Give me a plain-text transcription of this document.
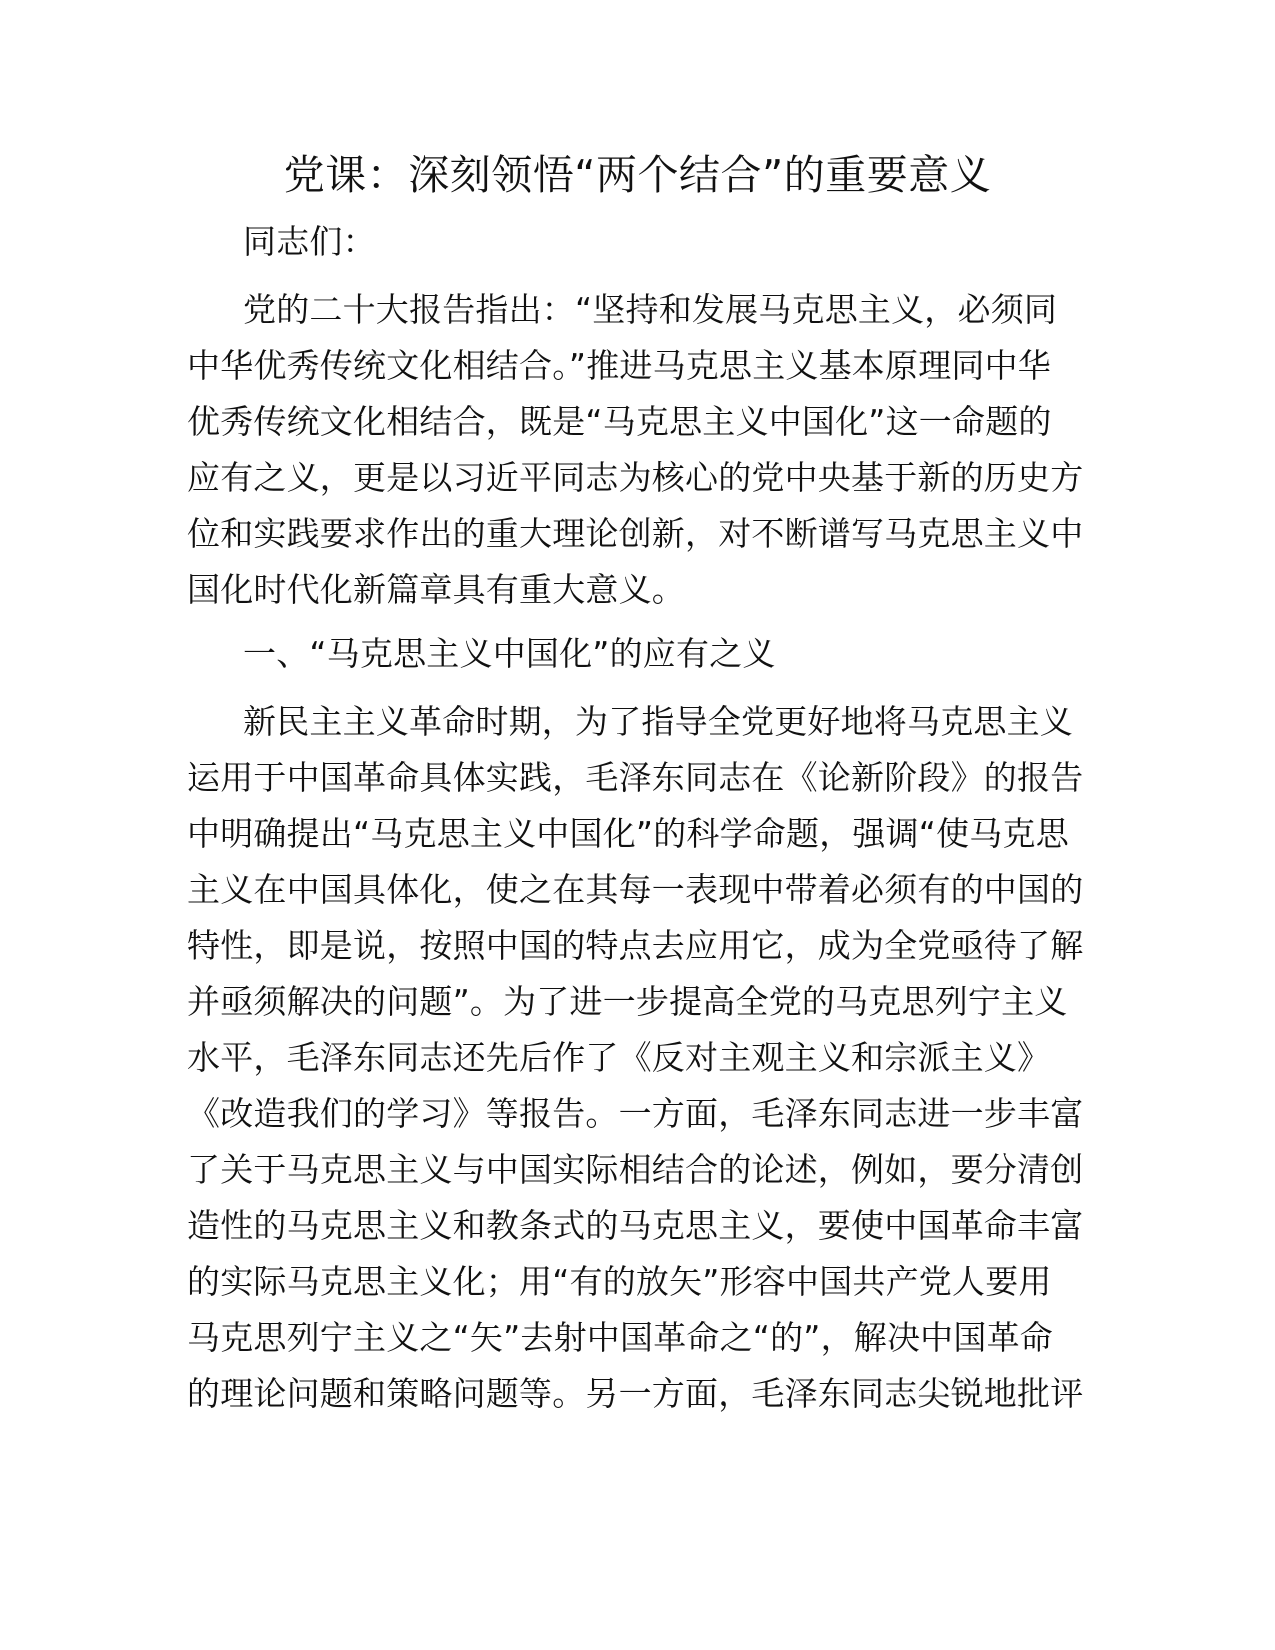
党课：深刻领悟“两个结合”的重要意义
同志们：
党的二十大报告指出：“坚持和发展马克思主义，必须同
中华优秀传统文化相结合。”推进马克思主义基本原理同中华
优秀传统文化相结合，既是“马克思主义中国化”这一命题的
应有之义，更是以习近平同志为核心的党中央基于新的历史方
位和实践要求作出的重大理论创新，对不断谱写马克思主义中
国化时代化新篇章具有重大意义。
一、“马克思主义中国化”的应有之义
新民主主义革命时期，为了指导全党更好地将马克思主义
运用于中国革命具体实践，毛泽东同志在《论新阶段》的报告
中明确提出“马克思主义中国化”的科学命题，强调“使马克思
主义在中国具体化，使之在其每一表现中带着必须有的中国的
特性，即是说，按照中国的特点去应用它，成为全党亟待了解
并亟须解决的问题”。为了进一步提高全党的马克思列宁主义
水平，毛泽东同志还先后作了《反对主观主义和宗派主义》
《改造我们的学习》等报告。一方面，毛泽东同志进一步丰富
了关于马克思主义与中国实际相结合的论述，例如，要分清创
造性的马克思主义和教条式的马克思主义，要使中国革命丰富
的实际马克思主义化；用“有的放矢”形容中国共产党人要用
马克思列宁主义之“矢”去射中国革命之“的”，解决中国革命
的理论问题和策略问题等。另一方面，毛泽东同志尖锐地批评
